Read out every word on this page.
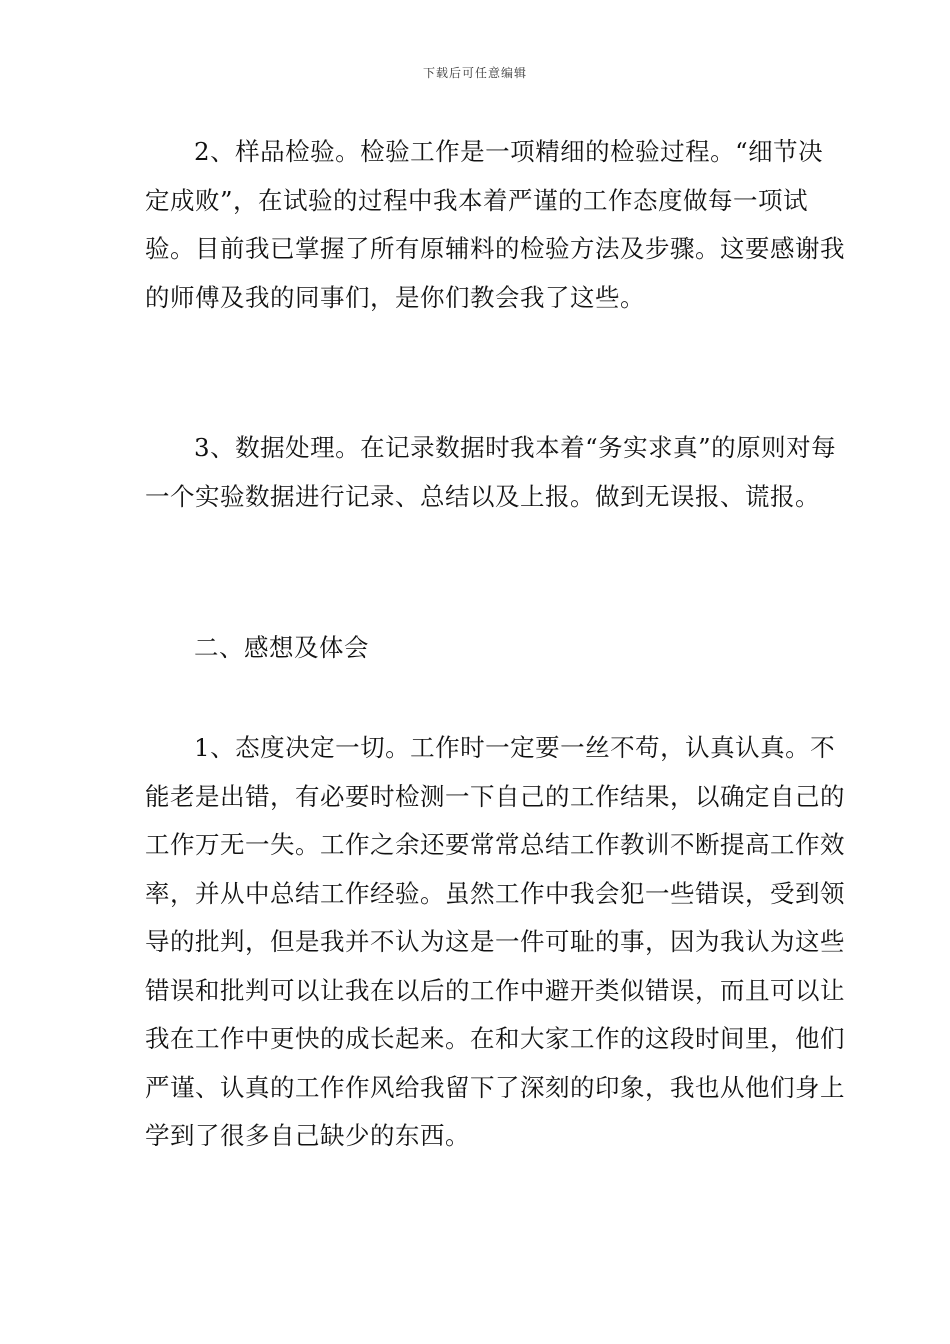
下载后可任意编辑

2、样品检验。检验工作是一项精细的检验过程。“细节决定成败”，在试验的过程中我本着严谨的工作态度做每一项试验。目前我已掌握了所有原辅料的检验方法及步骤。这要感谢我的师傅及我的同事们，是你们教会我了这些。

3、数据处理。在记录数据时我本着“务实求真”的原则对每一个实验数据进行记录、总结以及上报。做到无误报、谎报。

二、感想及体会

1、态度决定一切。工作时一定要一丝不苟，认真认真。不能老是出错，有必要时检测一下自己的工作结果，以确定自己的工作万无一失。工作之余还要常常总结工作教训不断提高工作效率，并从中总结工作经验。虽然工作中我会犯一些错误，受到领导的批判，但是我并不认为这是一件可耻的事，因为我认为这些错误和批判可以让我在以后的工作中避开类似错误，而且可以让我在工作中更快的成长起来。在和大家工作的这段时间里，他们严谨、认真的工作作风给我留下了深刻的印象，我也从他们身上学到了很多自己缺少的东西。
